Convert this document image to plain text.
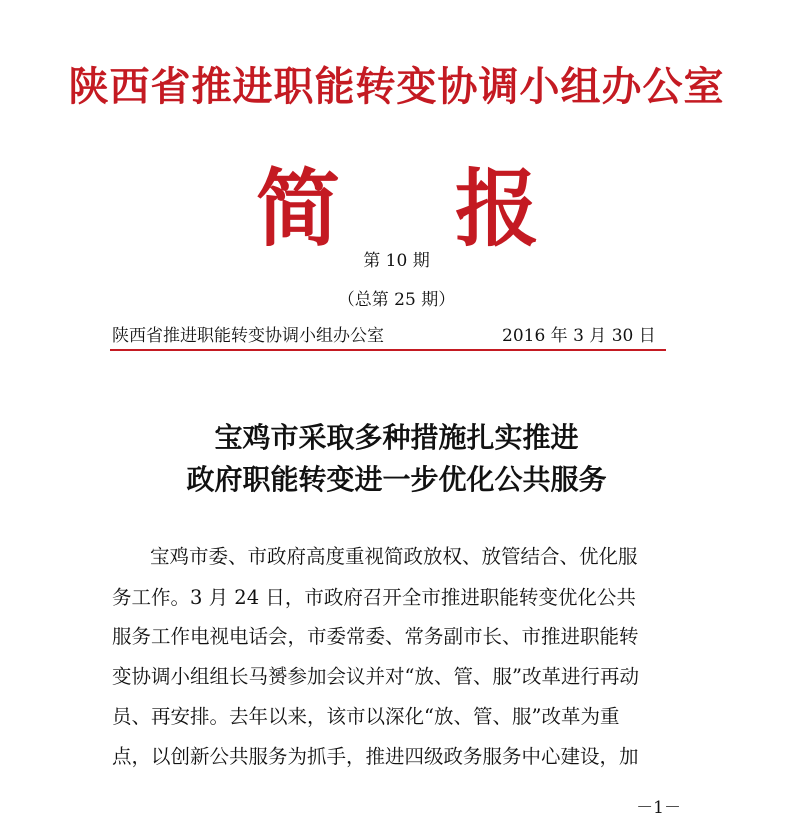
陕西省推进职能转变协调小组办公室
简 报
第 10 期
（总第 25 期）
陕西省推进职能转变协调小组办公室	2016 年 3 月 30 日
宝鸡市采取多种措施扎实推进
政府职能转变进一步优化公共服务
宝鸡市委、市政府高度重视简政放权、放管结合、优化服
务工作。3 月 24 日，市政府召开全市推进职能转变优化公共
服务工作电视电话会，市委常委、常务副市长、市推进职能转
变协调小组组长马赟参加会议并对“放、管、服”改革进行再动
员、再安排。去年以来，该市以深化“放、管、服”改革为重
点，以创新公共服务为抓手，推进四级政务服务中心建设，加
－1－
